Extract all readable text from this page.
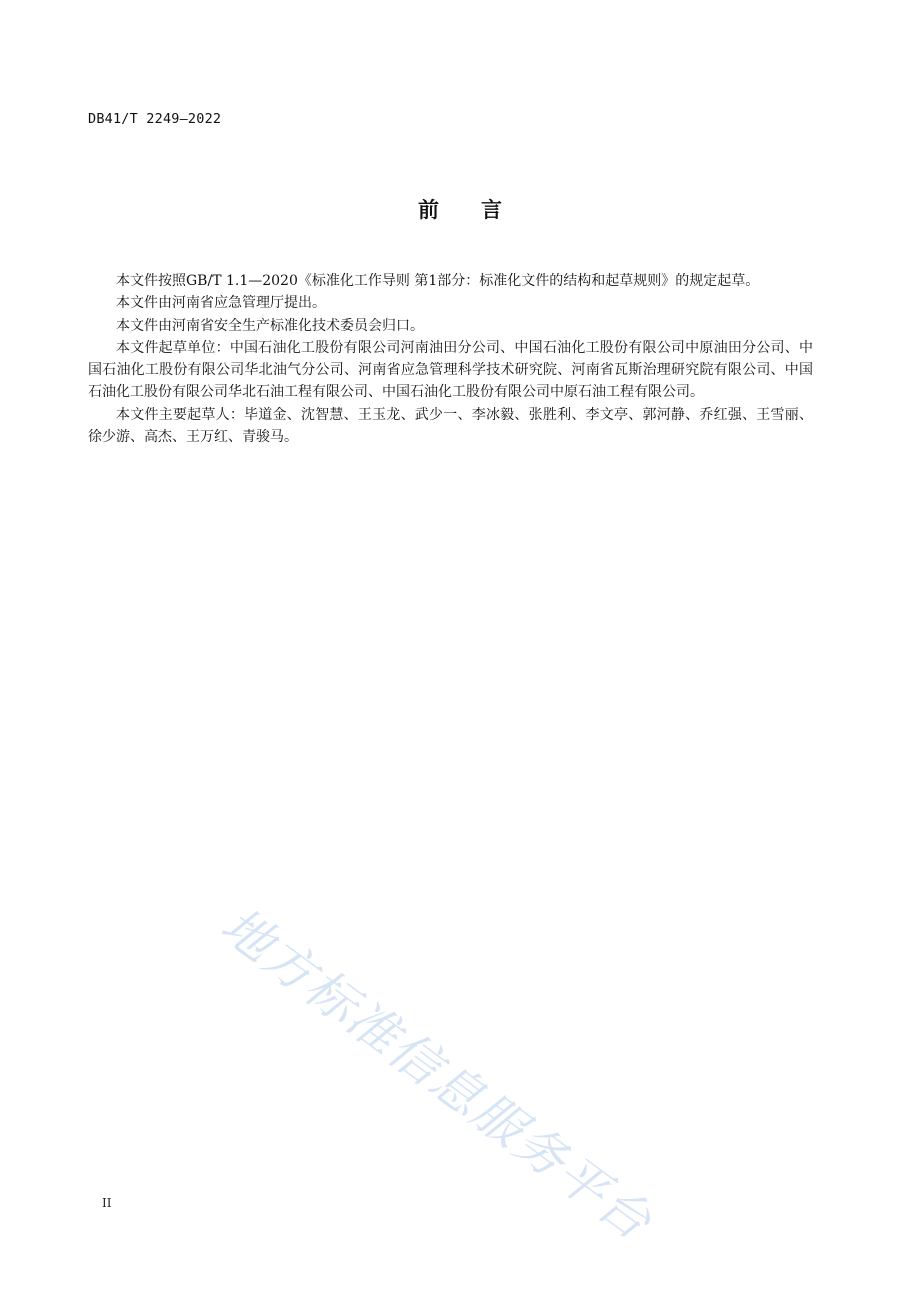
DB41/T 2249—2022
前 言

本文件按照GB/T 1.1—2020《标准化工作导则 第1部分：标准化文件的结构和起草规则》的规定起草。

本文件由河南省应急管理厅提出。

本文件由河南省安全生产标准化技术委员会归口。

本文件起草单位：中国石油化工股份有限公司河南油田分公司、中国石油化工股份有限公司中原油田分公司、中国石油化工股份有限公司华北油气分公司、河南省应急管理科学技术研究院、河南省瓦斯治理研究院有限公司、中国石油化工股份有限公司华北石油工程有限公司、中国石油化工股份有限公司中原石油工程有限公司。

本文件主要起草人：毕道金、沈智慧、王玉龙、武少一、李冰毅、张胜利、李文亭、郭河静、乔红强、王雪丽、徐少游、高杰、王万红、青骏马。

地方标准信息服务平台
II
